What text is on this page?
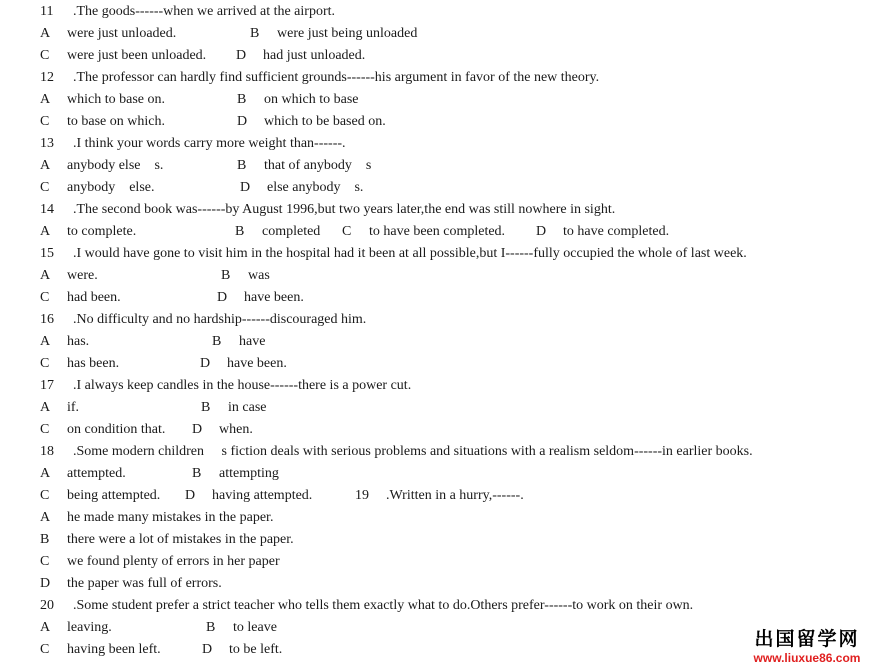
11 .The goods------when we arrived at the airport.
A were just unloaded.	B	were just being unloaded
C were just been unloaded. D	had just unloaded.
12 .The professor can hardly find sufficient grounds------his argument in favor of the new theory.
A which to base on.	B	on which to base
C to base on which.	D	which to be based on.
13 .I think your words carry more weight than------.
A anybody else    s.	B	that of anybody    s
C anybody    else.	D	else anybody    s.
14 .The second book was------by August 1996,but two years later,the end was still nowhere in sight.
A to complete.	B	completed C	to have been completed. D	to have completed.
15 .I would have gone to visit him in the hospital had it been at all possible,but I------fully occupied the whole of last week.
A were.	B	was
C had been.	D	have been.
16 .No difficulty and no hardship------discouraged him.
A has.	B	have
C has been.	D	have been.
17 .I always keep candles in the house------there is a power cut.
A if.	B	in case
C on condition that. D	when.
18 .Some modern children     s fiction deals with serious problems and situations with a realism seldom------in earlier books.
A attempted.	B	attempting
C being attempted. D	having attempted.	19 .Written in a hurry,------.
A he made many mistakes in the paper.
B there were a lot of mistakes in the paper.
C we found plenty of errors in her paper
D the paper was full of errors.
20 .Some student prefer a strict teacher who tells them exactly what to do.Others prefer------to work on their own.
A leaving.	B	to leave
C having been left.	D	to be left.	出国留学网
www.liuxue86.com
